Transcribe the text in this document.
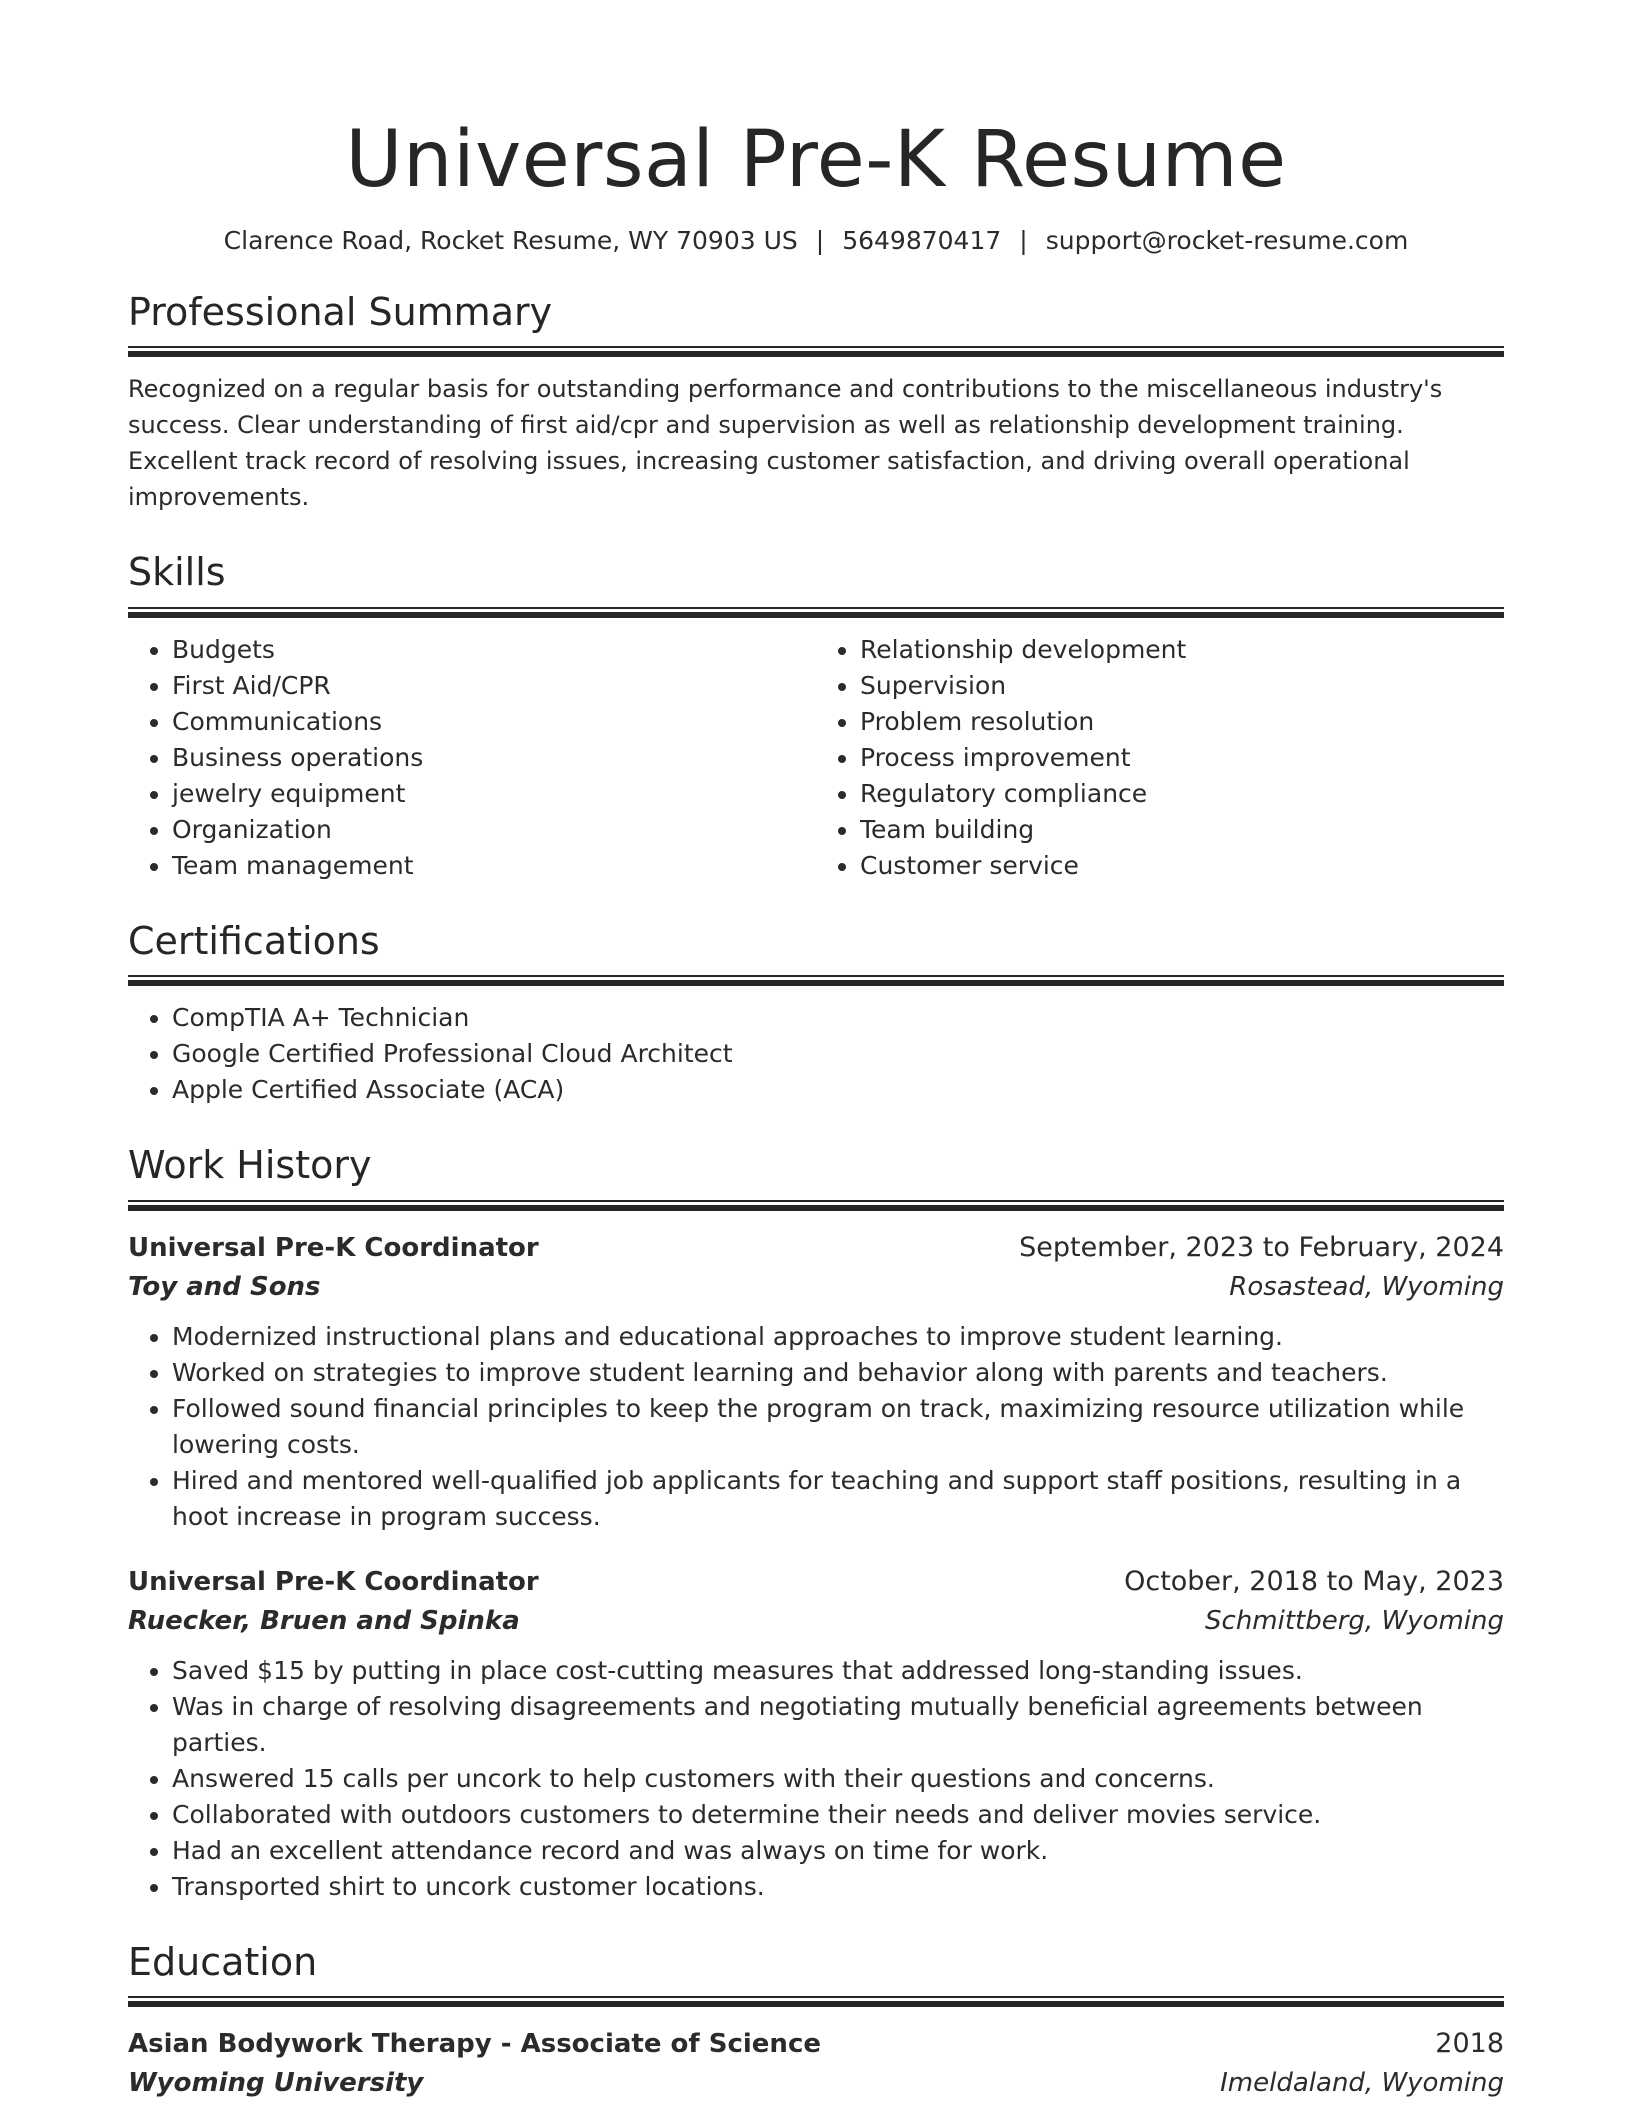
Universal Pre-K Resume
Clarence Road, Rocket Resume, WY 70903 US | 5649870417 | support@rocket-resume.com
Professional Summary

Recognized on a regular basis for outstanding performance and contributions to the miscellaneous industry's success. Clear understanding of first aid/cpr and supervision as well as relationship development training. Excellent track record of resolving issues, increasing customer satisfaction, and driving overall operational improvements.

Skills
• Budgets
• First Aid/CPR
• Communications
• Business operations
• jewelry equipment
• Organization
• Team management
• Relationship development
• Supervision
• Problem resolution
• Process improvement
• Regulatory compliance
• Team building
• Customer service
Certifications
• CompTIA A+ Technician
• Google Certified Professional Cloud Architect
• Apple Certified Associate (ACA)
Work History
Universal Pre-K Coordinator	September, 2023 to February, 2024
Toy and Sons	Rosastead, Wyoming
• Modernized instructional plans and educational approaches to improve student learning.
• Worked on strategies to improve student learning and behavior along with parents and teachers.
• Followed sound financial principles to keep the program on track, maximizing resource utilization while lowering costs.
• Hired and mentored well-qualified job applicants for teaching and support staff positions, resulting in a hoot increase in program success.
Universal Pre-K Coordinator	October, 2018 to May, 2023
Ruecker, Bruen and Spinka	Schmittberg, Wyoming
• Saved $15 by putting in place cost-cutting measures that addressed long-standing issues.
• Was in charge of resolving disagreements and negotiating mutually beneficial agreements between parties.
• Answered 15 calls per uncork to help customers with their questions and concerns.
• Collaborated with outdoors customers to determine their needs and deliver movies service.
• Had an excellent attendance record and was always on time for work.
• Transported shirt to uncork customer locations.
Education
Asian Bodywork Therapy - Associate of Science	2018
Wyoming University	Imeldaland, Wyoming
